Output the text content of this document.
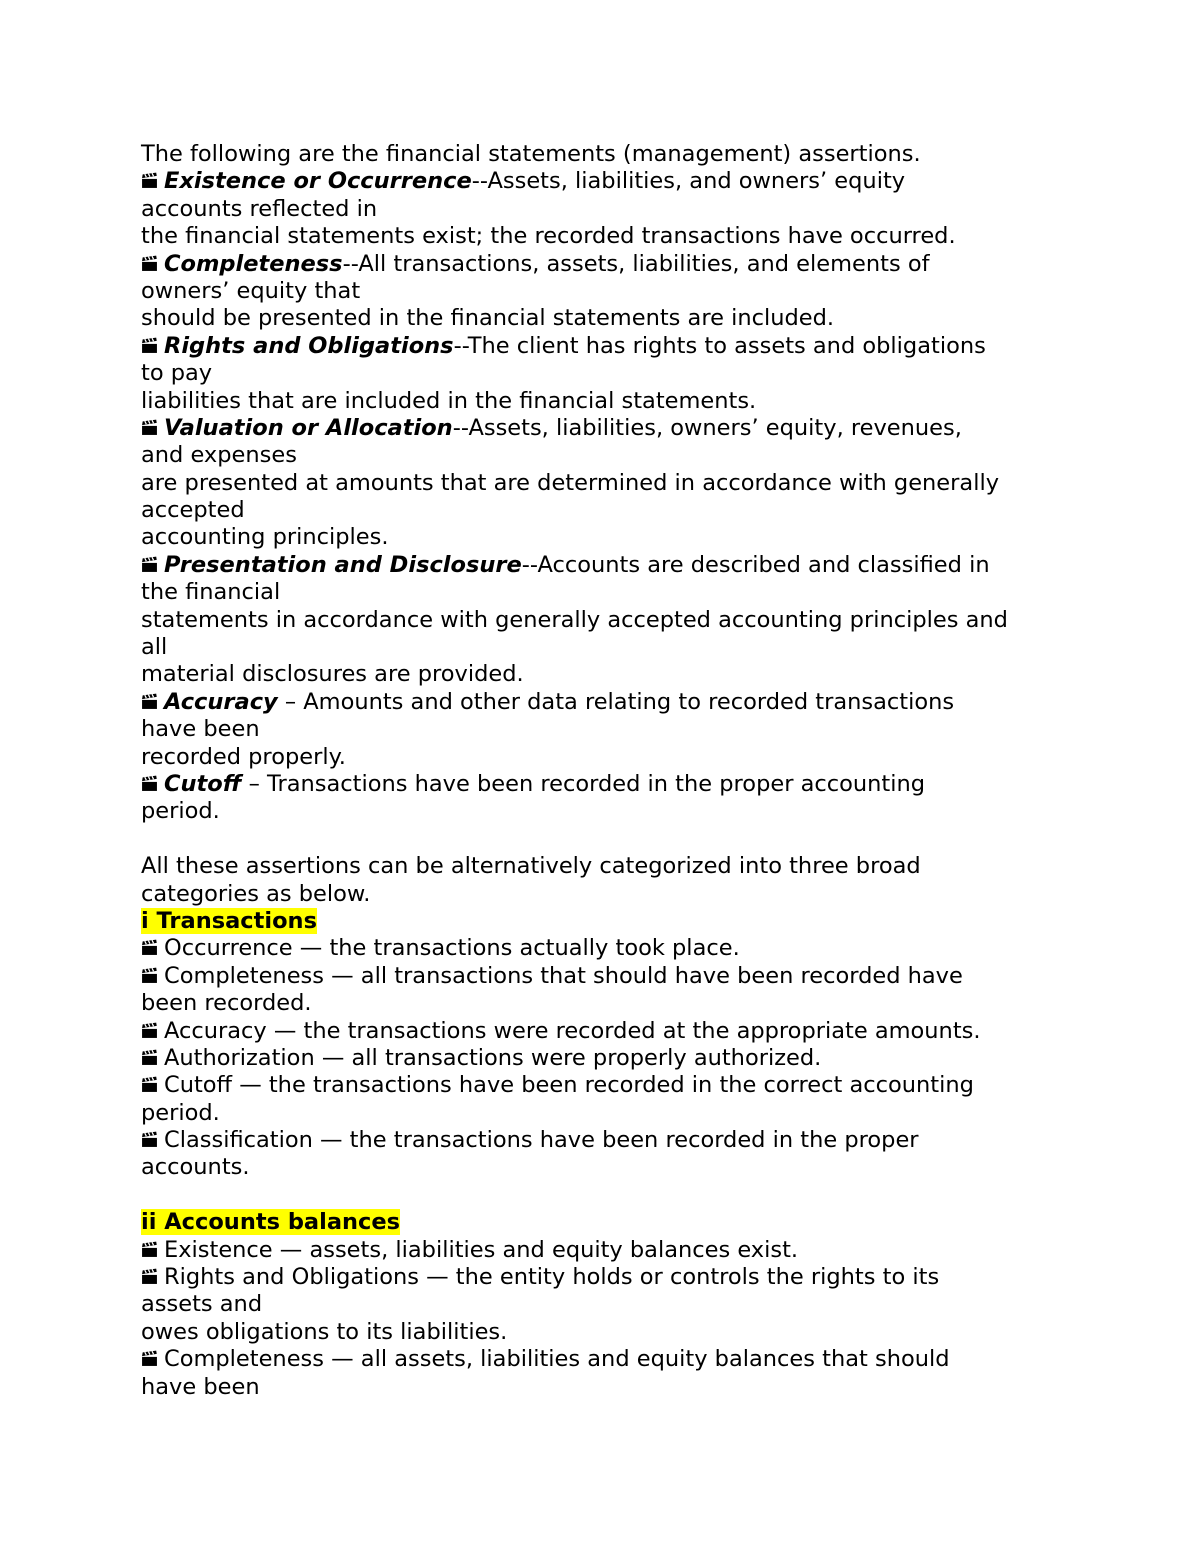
The following are the financial statements (management) assertions.
Existence or Occurrence--Assets, liabilities, and owners’ equity
accounts reflected in
the financial statements exist; the recorded transactions have occurred.
Completeness--All transactions, assets, liabilities, and elements of
owners’ equity that
should be presented in the financial statements are included.
Rights and Obligations--The client has rights to assets and obligations
to pay
liabilities that are included in the financial statements.
Valuation or Allocation--Assets, liabilities, owners’ equity, revenues,
and expenses
are presented at amounts that are determined in accordance with generally
accepted
accounting principles.
Presentation and Disclosure--Accounts are described and classified in
the financial
statements in accordance with generally accepted accounting principles and
all
material disclosures are provided.
Accuracy – Amounts and other data relating to recorded transactions
have been
recorded properly.
Cutoff – Transactions have been recorded in the proper accounting
period.
All these assertions can be alternatively categorized into three broad
categories as below.
i Transactions
Occurrence — the transactions actually took place.
Completeness — all transactions that should have been recorded have
been recorded.
Accuracy — the transactions were recorded at the appropriate amounts.
Authorization — all transactions were properly authorized.
Cutoff — the transactions have been recorded in the correct accounting
period.
Classification — the transactions have been recorded in the proper
accounts.
ii Accounts balances
Existence — assets, liabilities and equity balances exist.
Rights and Obligations — the entity holds or controls the rights to its
assets and
owes obligations to its liabilities.
Completeness — all assets, liabilities and equity balances that should
have been
